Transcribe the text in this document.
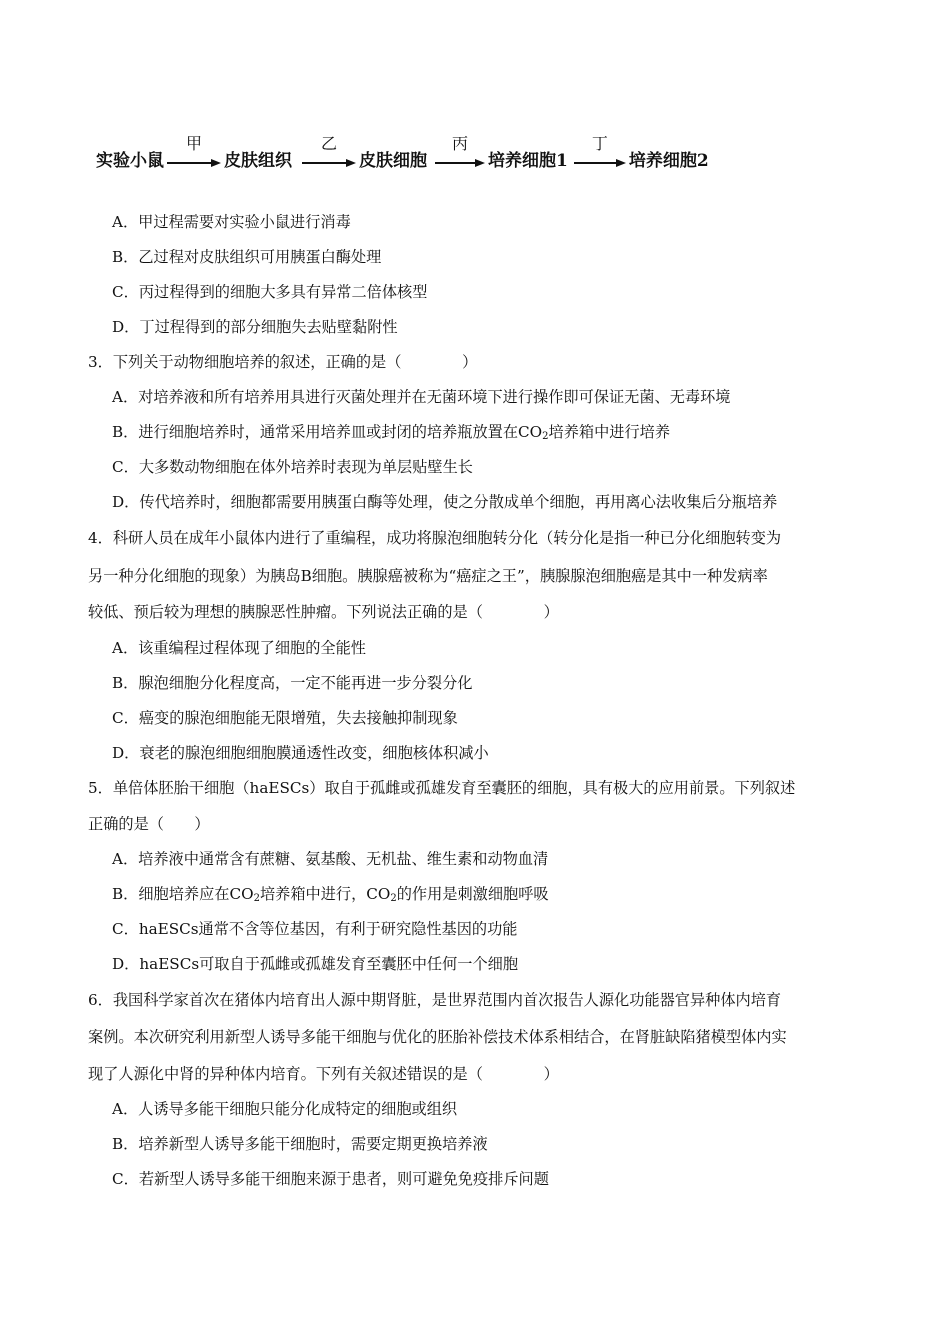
实验小鼠
甲
皮肤组织
乙
皮肤细胞
丙
培养细胞1
丁
培养细胞2
A．甲过程需要对实验小鼠进行消毒
B．乙过程对皮肤组织可用胰蛋白酶处理
C．丙过程得到的细胞大多具有异常二倍体核型
D．丁过程得到的部分细胞失去贴壁黏附性
3．下列关于动物细胞培养的叙述，正确的是（　　　　）
A．对培养液和所有培养用具进行灭菌处理并在无菌环境下进行操作即可保证无菌、无毒环境
B．进行细胞培养时，通常采用培养皿或封闭的培养瓶放置在$CO_2$培养箱中进行培养
C．大多数动物细胞在体外培养时表现为单层贴壁生长
D．传代培养时，细胞都需要用胰蛋白酶等处理，使之分散成单个细胞，再用离心法收集后分瓶培养
4．科研人员在成年小鼠体内进行了重编程，成功将腺泡细胞转分化（转分化是指一种已分化细胞转变为
另一种分化细胞的现象）为胰岛B细胞。胰腺癌被称为“癌症之王”，胰腺腺泡细胞癌是其中一种发病率
较低、预后较为理想的胰腺恶性肿瘤。下列说法正确的是（　　　　）
A．该重编程过程体现了细胞的全能性
B．腺泡细胞分化程度高，一定不能再进一步分裂分化
C．癌变的腺泡细胞能无限增殖，失去接触抑制现象
D．衰老的腺泡细胞细胞膜通透性改变，细胞核体积减小
5．单倍体胚胎干细胞（haESCs）取自于孤雌或孤雄发育至囊胚的细胞，具有极大的应用前景。下列叙述
正确的是（　　）
A．培养液中通常含有蔗糖、氨基酸、无机盐、维生素和动物血清
B．细胞培养应在$CO_2$培养箱中进行，$CO_2$的作用是刺激细胞呼吸
C．haESCs通常不含等位基因，有利于研究隐性基因的功能
D．haESCs可取自于孤雌或孤雄发育至囊胚中任何一个细胞
6．我国科学家首次在猪体内培育出人源中期肾脏，是世界范围内首次报告人源化功能器官异种体内培育
案例。本次研究利用新型人诱导多能干细胞与优化的胚胎补偿技术体系相结合，在肾脏缺陷猪模型体内实
现了人源化中肾的异种体内培育。下列有关叙述错误的是（　　　　）
A．人诱导多能干细胞只能分化成特定的细胞或组织
B．培养新型人诱导多能干细胞时，需要定期更换培养液
C．若新型人诱导多能干细胞来源于患者，则可避免免疫排斥问题
